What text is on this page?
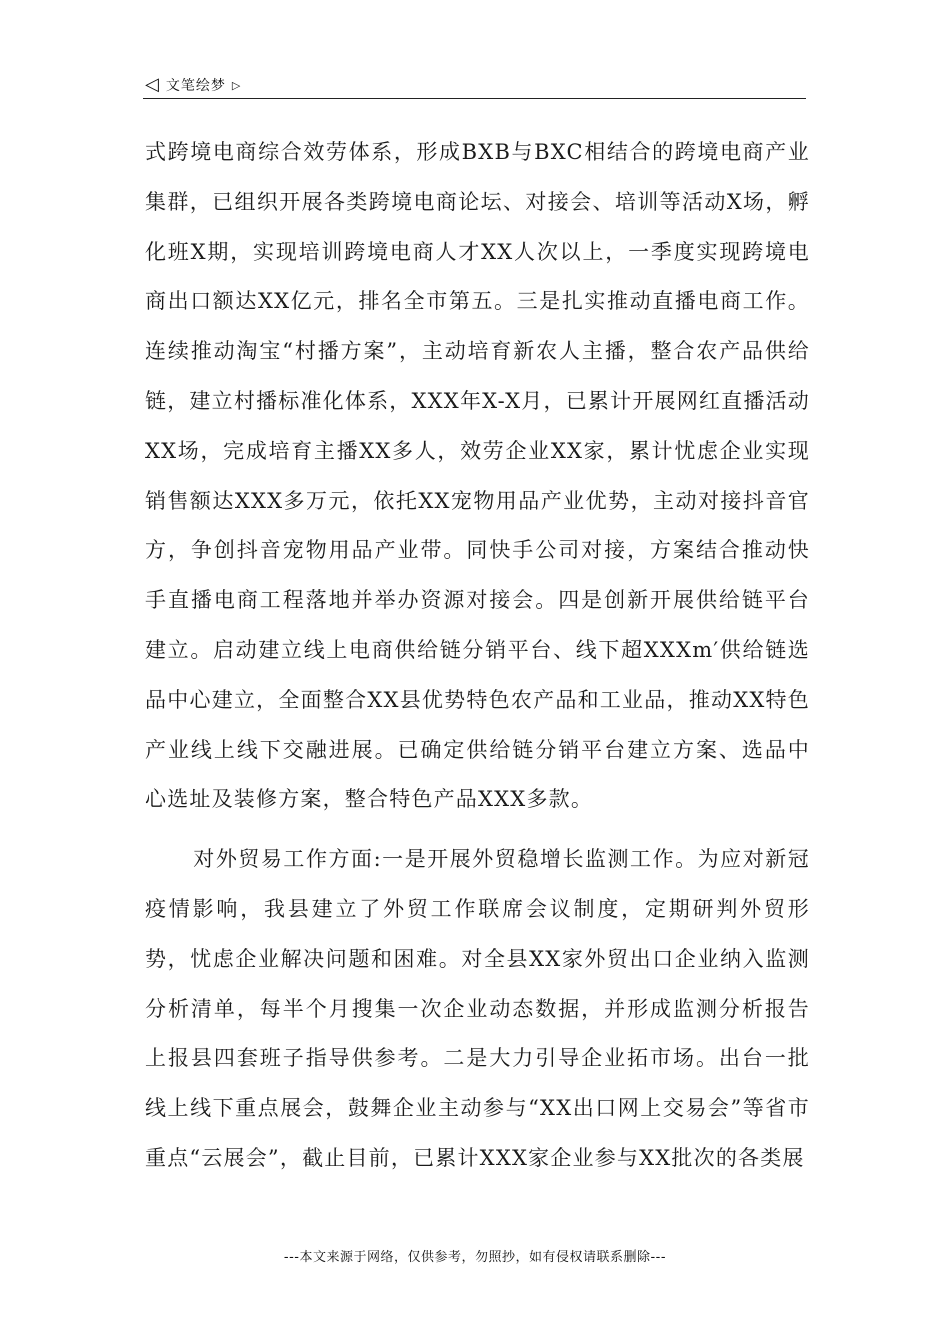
◁ 文笔绘梦 ▷

式跨境电商综合效劳体系，形成BXB与BXC相结合的跨境电商产业集群，已组织开展各类跨境电商论坛、对接会、培训等活动X场，孵化班X期，实现培训跨境电商人才XX人次以上，一季度实现跨境电商出口额达XX亿元，排名全市第五。三是扎实推动直播电商工作。连续推动淘宝“村播方案”，主动培育新农人主播，整合农产品供给链，建立村播标准化体系，XXX年X-X月，已累计开展网红直播活动XX场，完成培育主播XX多人，效劳企业XX家，累计忧虑企业实现销售额达XXX多万元，依托XX宠物用品产业优势，主动对接抖音官方，争创抖音宠物用品产业带。同快手公司对接，方案结合推动快手直播电商工程落地并举办资源对接会。四是创新开展供给链平台建立。启动建立线上电商供给链分销平台、线下超XXXm′供给链选品中心建立，全面整合XX县优势特色农产品和工业品，推动XX特色产业线上线下交融进展。已确定供给链分销平台建立方案、选品中心选址及装修方案，整合特色产品XXX多款。

对外贸易工作方面:一是开展外贸稳增长监测工作。为应对新冠疫情影响，我县建立了外贸工作联席会议制度，定期研判外贸形势，忧虑企业解决问题和困难。对全县XX家外贸出口企业纳入监测分析清单，每半个月搜集一次企业动态数据，并形成监测分析报告上报县四套班子指导供参考。二是大力引导企业拓市场。出台一批线上线下重点展会，鼓舞企业主动参与“XX出口网上交易会”等省市重点“云展会”，截止目前，已累计XXX家企业参与XX批次的各类展

---本文来源于网络，仅供参考，勿照抄，如有侵权请联系删除---
